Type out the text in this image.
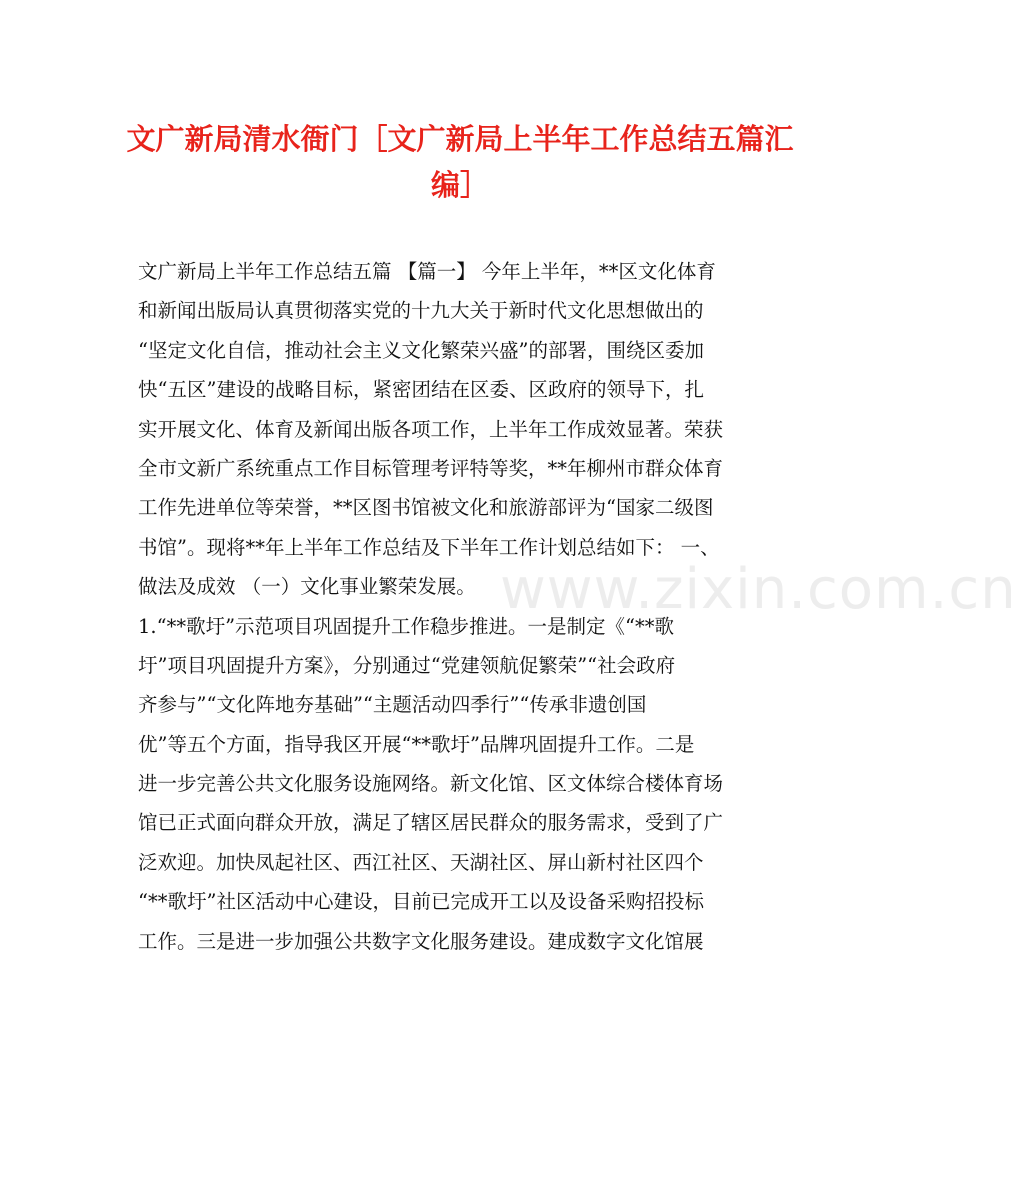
文广新局清水衙门［文广新局上半年工作总结五篇汇编］
www.zixin.com.cn
文广新局上半年工作总结五篇 【篇一】 今年上半年，**区文化体育
和新闻出版局认真贯彻落实党的十九大关于新时代文化思想做出的
“坚定文化自信，推动社会主义文化繁荣兴盛”的部署，围绕区委加
快“五区”建设的战略目标，紧密团结在区委、区政府的领导下，扎
实开展文化、体育及新闻出版各项工作，上半年工作成效显著。荣获
全市文新广系统重点工作目标管理考评特等奖，**年柳州市群众体育
工作先进单位等荣誉，**区图书馆被文化和旅游部评为“国家二级图
书馆”。现将**年上半年工作总结及下半年工作计划总结如下： 一、
做法及成效 （一）文化事业繁荣发展。
1.“**歌圩”示范项目巩固提升工作稳步推进。一是制定《“**歌
圩”项目巩固提升方案》，分别通过“党建领航促繁荣”“社会政府
齐参与”“文化阵地夯基础”“主题活动四季行”“传承非遗创国
优”等五个方面，指导我区开展“**歌圩”品牌巩固提升工作。二是
进一步完善公共文化服务设施网络。新文化馆、区文体综合楼体育场
馆已正式面向群众开放，满足了辖区居民群众的服务需求，受到了广
泛欢迎。加快凤起社区、西江社区、天湖社区、屏山新村社区四个
“**歌圩”社区活动中心建设，目前已完成开工以及设备采购招投标
工作。三是进一步加强公共数字文化服务建设。建成数字文化馆展
